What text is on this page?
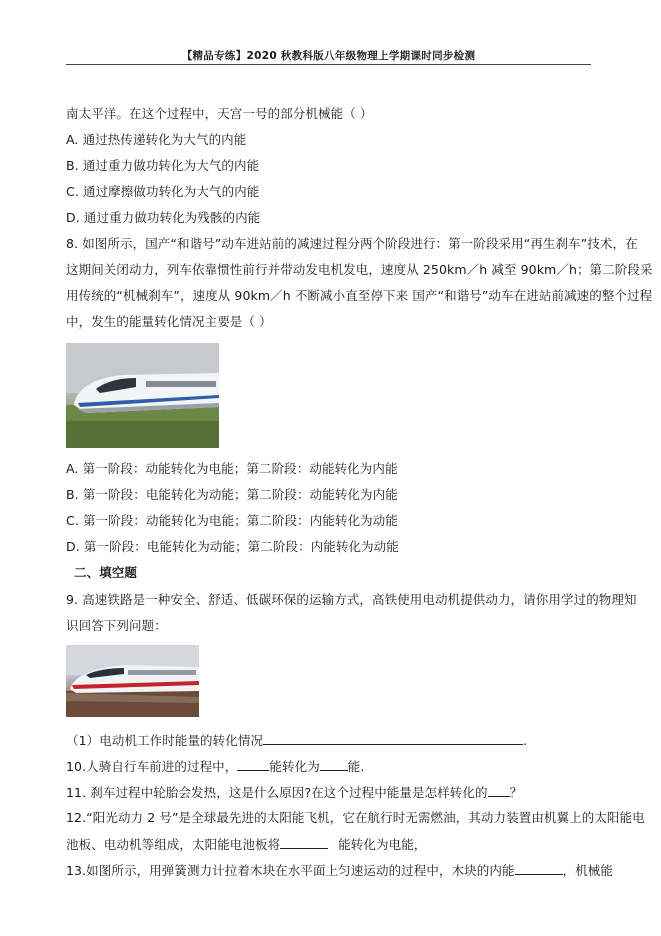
【精品专练】2020 秋教科版八年级物理上学期课时同步检测
南太平洋。在这个过程中，天宫一号的部分机械能（ ）
A. 通过热传递转化为大气的内能
B. 通过重力做功转化为大气的内能
C. 通过摩擦做功转化为大气的内能
D. 通过重力做功转化为残骸的内能
8. 如图所示，国产“和谐号”动车进站前的减速过程分两个阶段进行：第一阶段采用“再生刹车”技术，在
这期间关闭动力，列车依靠惯性前行并带动发电机发电，速度从 250km／h 减至 90km／h；第二阶段采
用传统的“机械刹车”，速度从 90km／h 不断减小直至停下来 国产“和谐号”动车在进站前减速的整个过程
中，发生的能量转化情况主要是（ ）
A. 第一阶段：动能转化为电能；第二阶段：动能转化为内能
B. 第一阶段：电能转化为动能；第二阶段：动能转化为内能
C. 第一阶段：动能转化为电能；第二阶段：内能转化为动能
D. 第一阶段：电能转化为动能；第二阶段：内能转化为动能
二、填空题
9. 高速铁路是一种安全、舒适、低碳环保的运输方式，高铁使用电动机提供动力，请你用学过的物理知
识回答下列问题：
（1）电动机工作时能量的转化情况	.
10.人骑自行车前进的过程中，	能转化为 能.
11. 刹车过程中轮胎会发热，这是什么原因?在这个过程中能量是怎样转化的 ？
12.“阳光动力 2 号”是全球最先进的太阳能飞机，它在航行时无需燃油，其动力装置由机翼上的太阳能电
池板、电动机等组成，太阳能电池板将	能转化为电能，
13.如图所示，用弹簧测力计拉着木块在水平面上匀速运动的过程中，木块的内能	，机械能
